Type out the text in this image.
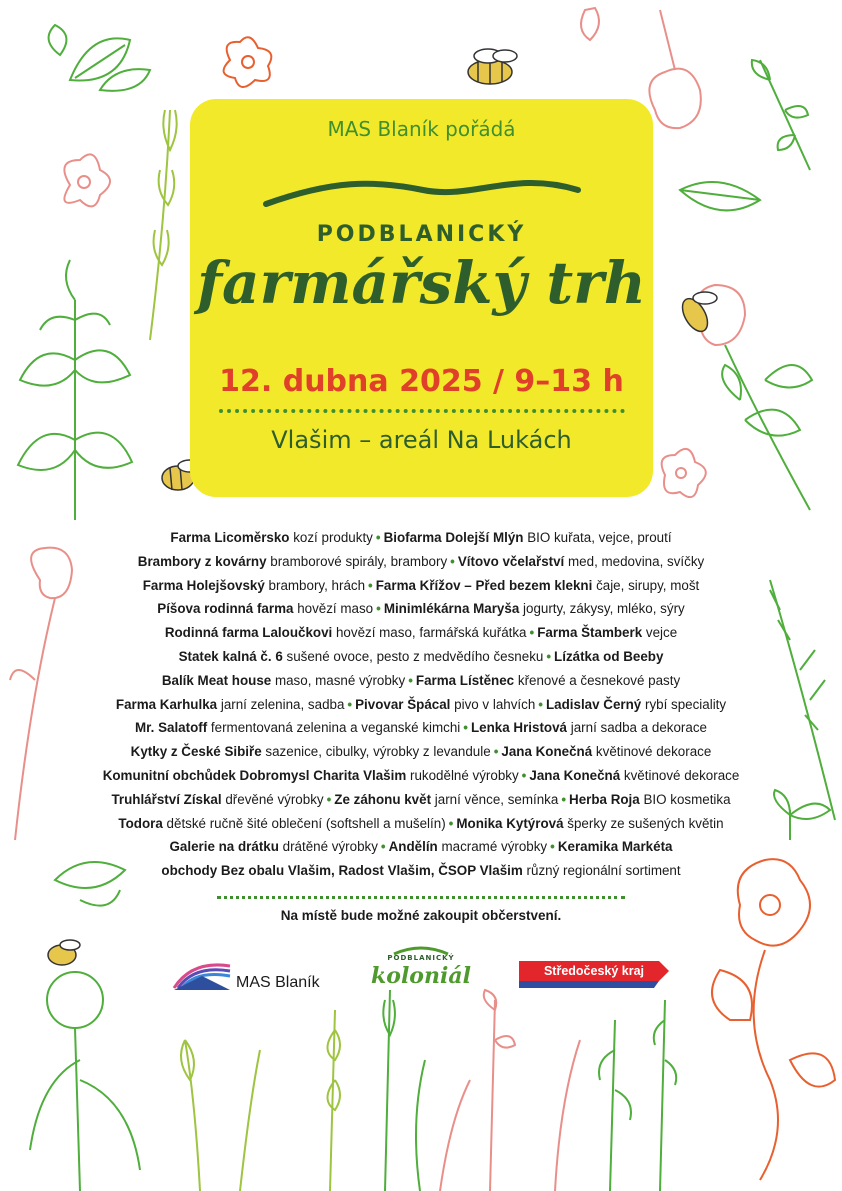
MAS Blaník pořádá
PODBLANICKÝ
farmářský trh
12. dubna 2025 / 9–13 h
Vlašim – areál Na Lukách
Farma Licoměrsko kozí produkty • Biofarma Dolejší Mlýn BIO kuřata, vejce, proutí
Brambory z kovárny bramborové spirály, brambory • Vítovo včelařství med, medovina, svíčky
Farma Holejšovský brambory, hrách • Farma Křížov – Před bezem klekni čaje, sirupy, mošt
Píšova rodinná farma hovězí maso • Minimlékárna Maryša jogurty, zákysy, mléko, sýry
Rodinná farma Laloučkovi hovězí maso, farmářská kuřátka • Farma Štamberk vejce
Statek kalná č. 6 sušené ovoce, pesto z medvědího česneku • Lízátka od Beeby
Balík Meat house maso, masné výrobky • Farma Lístěnec křenové a česnekové pasty
Farma Karhulka jarní zelenina, sadba • Pivovar Špácal pivo v lahvích • Ladislav Černý rybí speciality
Mr. Salatoff fermentovaná zelenina a veganské kimchi • Lenka Hristová jarní sadba a dekorace
Kytky z České Sibiře sazenice, cibulky, výrobky z levandule • Jana Konečná květinové dekorace
Komunitní obchůdek Dobromysl Charita Vlašim rukodělné výrobky • Jana Konečná květinové dekorace
Truhlářství Získal dřevěné výrobky • Ze záhonu květ jarní věnce, semínka • Herba Roja BIO kosmetika
Todora dětské ručně šité oblečení (softshell a mušelín) • Monika Kytýrová šperky ze sušených květin
Galerie na drátku drátěné výrobky • Andělín macramé výrobky • Keramika Markéta
obchody Bez obalu Vlašim, Radost Vlašim, ČSOP Vlašim různý regionální sortiment
Na místě bude možné zakoupit občerstvení.
MAS Blaník
PODBLANICKÝ
koloniál	Středočeský kraj
